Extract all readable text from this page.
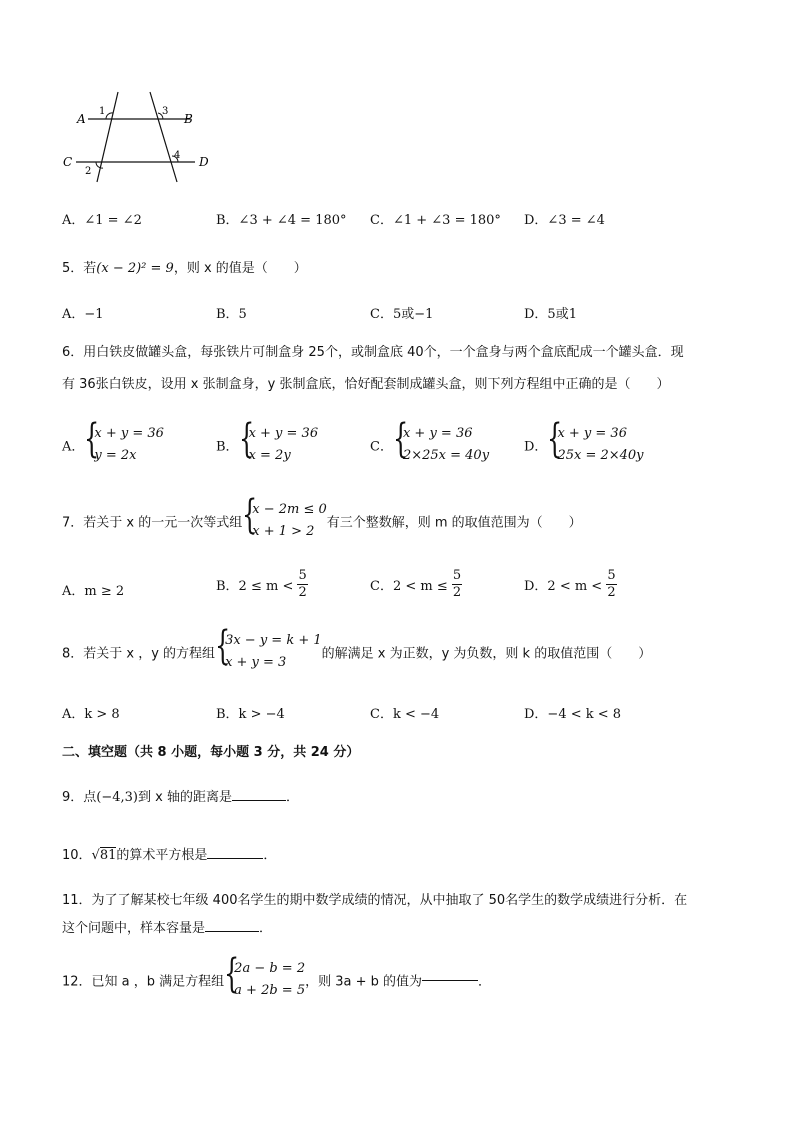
A	B
C	D
1	3
2
4
A．∠1 = ∠2	B．∠3 + ∠4 = 180° C．∠1 + ∠3 = 180° D．∠3 = ∠4
5．若(x − 2)² = 9，则 x 的值是（　　）
A．−1	B．5	C．5或−1	D．5或1
6．用白铁皮做罐头盒，每张铁片可制盒身 25个，或制盒底 40个，一个盒身与两个盒底配成一个罐头盒．现
有 36张白铁皮，设用 x 张制盒身，y 张制盒底，恰好配套制成罐头盒，则下列方程组中正确的是（　　）
A． {
x + y = 36
y = 2x
B． {
x + y = 36
x = 2y
C． {
x + y = 36
2×25x = 40y
D． {
x + y = 36
25x = 2×40y
7．若关于 x 的一元一次等式组 {
x − 2m ≤ 0
x + 1 > 2
有三个整数解，则 m 的取值范围为（　　）
A．m ≥ 2	B．$2 \le m < \frac{5}{2}$	C．$2 < m \le \frac{5}{2}$	D．$2 < m < \frac{5}{2}$
8．若关于 x ，y 的方程组 {
3x − y = k + 1
x + y = 3
的解满足 x 为正数，y 为负数，则 k 的取值范围（　　）
A．k > 8	B．k > −4	C．k < −4	D．−4 < k < 8
二、填空题（共 8 小题，每小题 3 分，共 24 分）
9．点(−4,3)到 x 轴的距离是	．
10．√81的算术平方根是	．
11．为了了解某校七年级 400名学生的期中数学成绩的情况，从中抽取了 50名学生的数学成绩进行分析．在
这个问题中，样本容量是	．
12．已知 a ，b 满足方程组 {
2a − b = 2
a + 2b = 5
，则 3a + b 的值为	．
